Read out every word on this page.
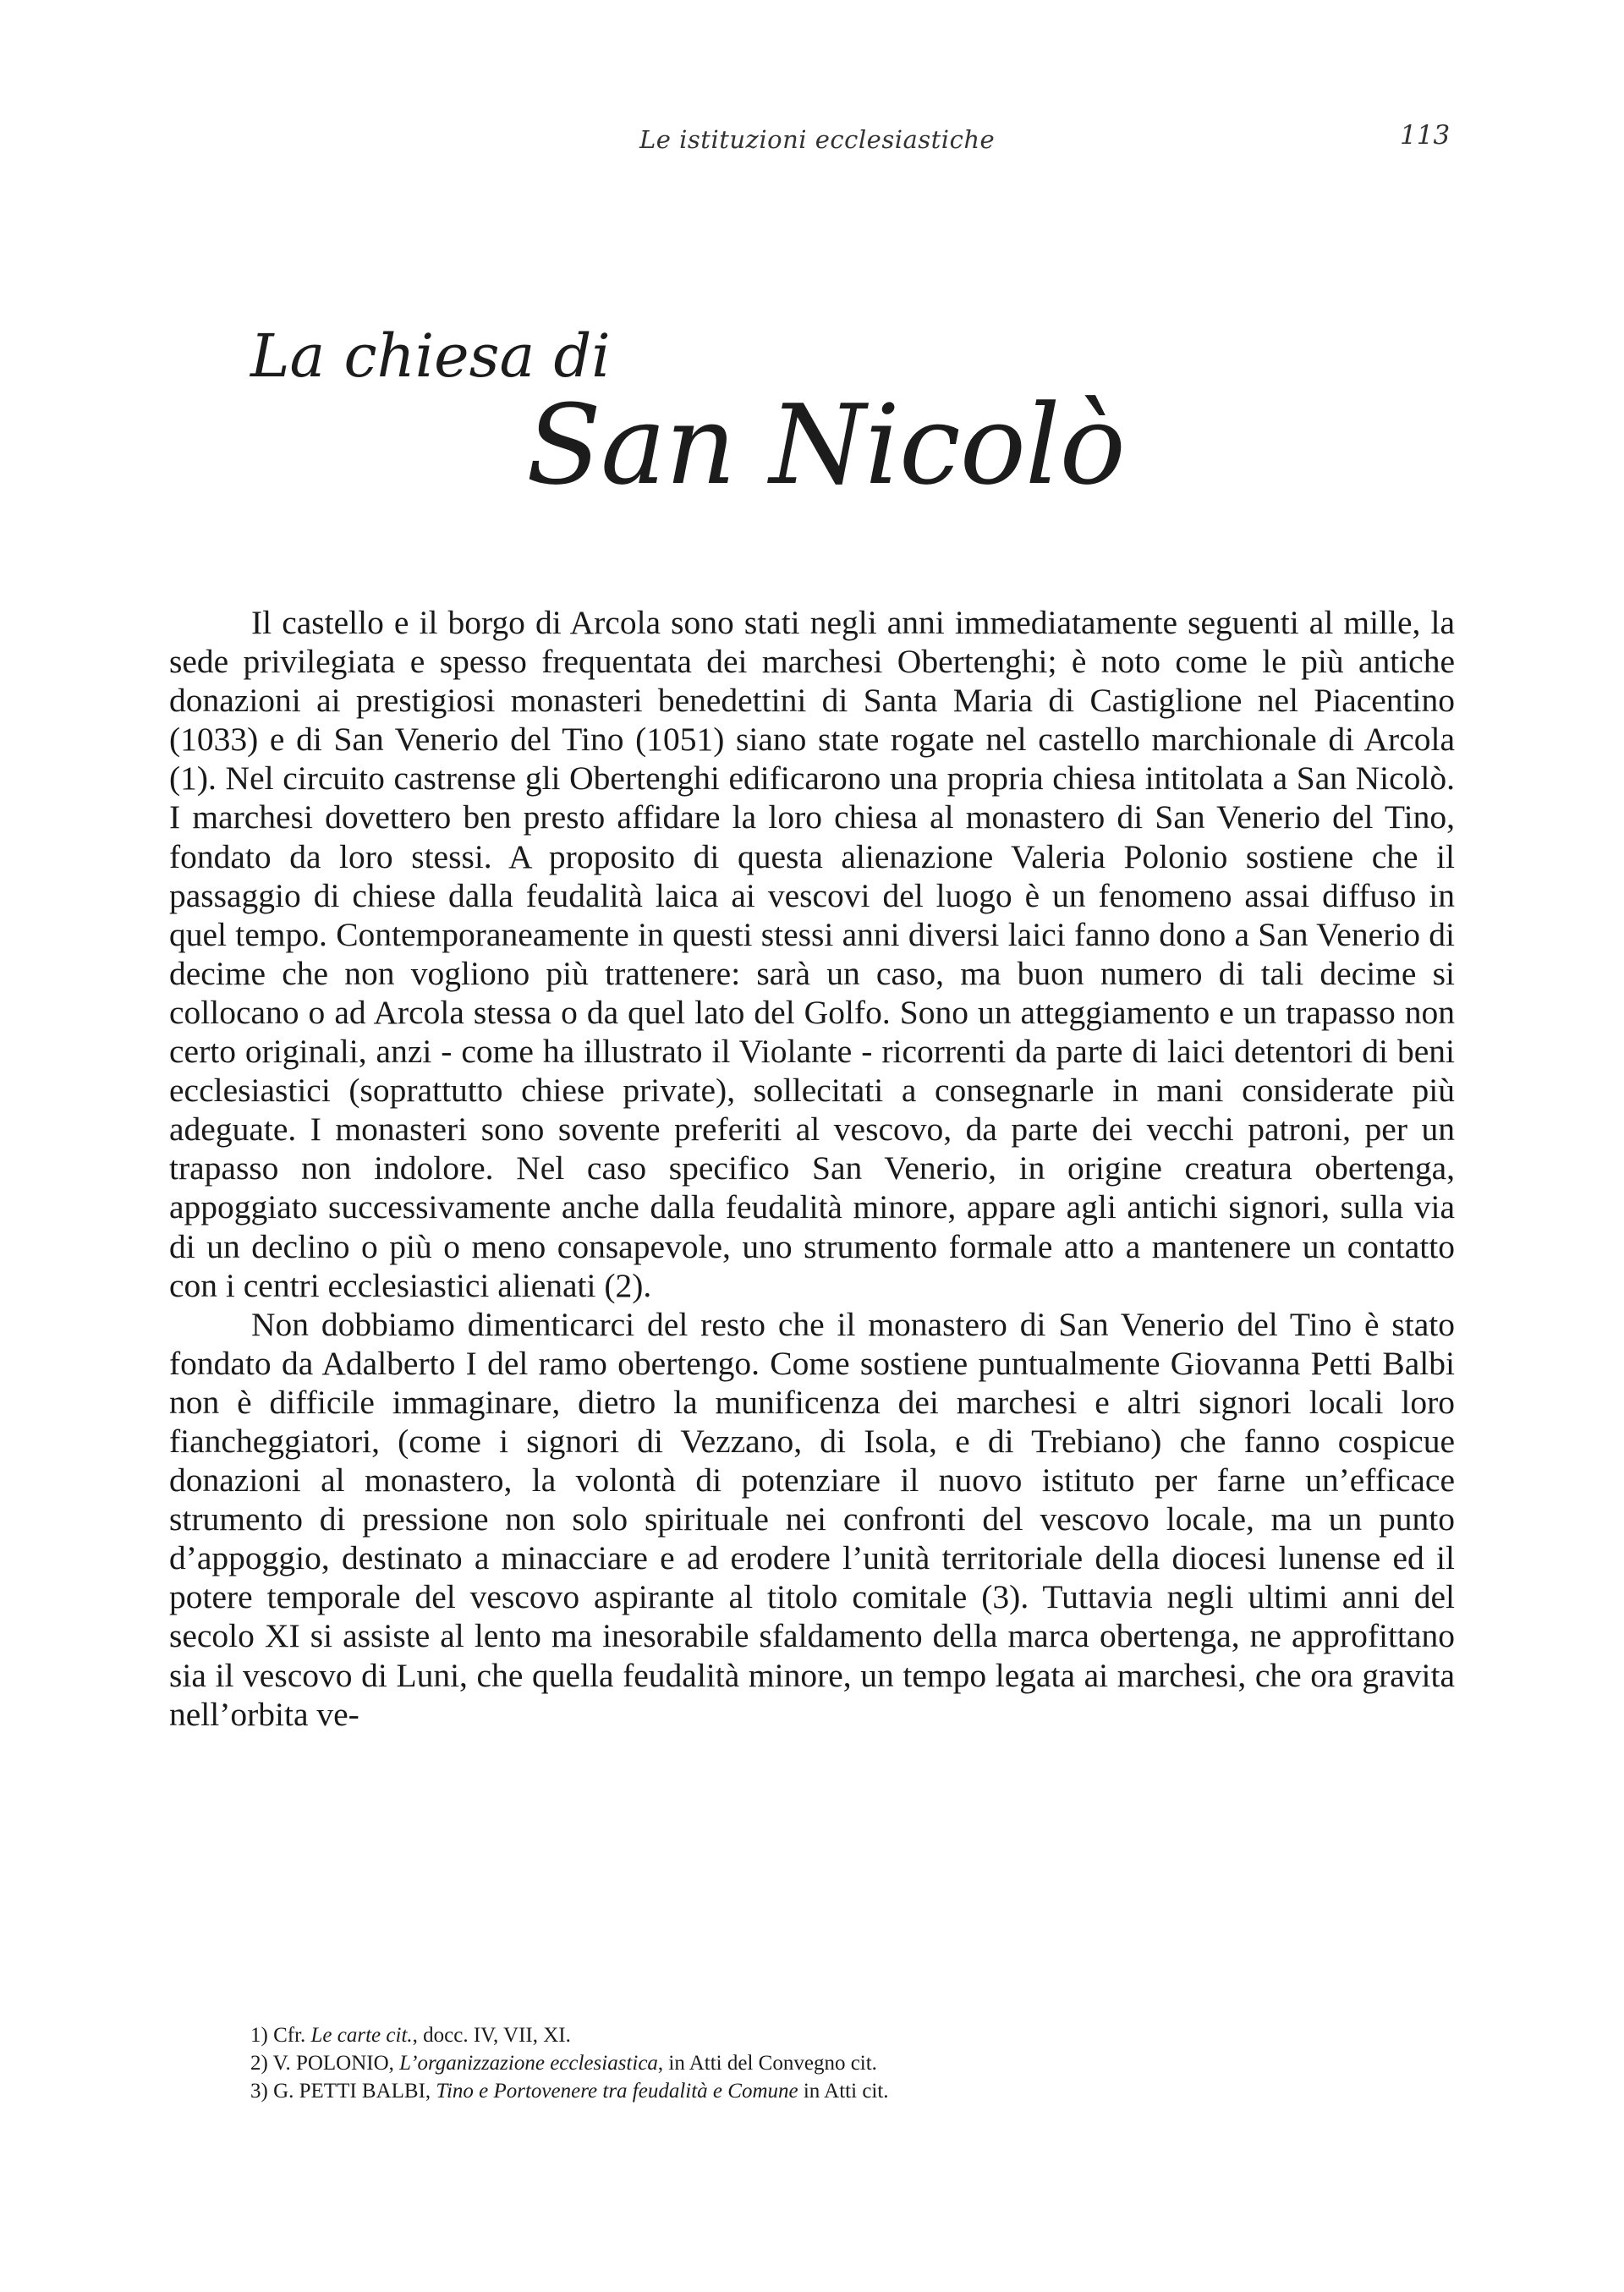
Le istituzioni ecclesiastiche	113
La chiesa di
San Nicolò

Il castello e il borgo di Arcola sono stati negli anni immediatamente seguenti al mille, la sede privilegiata e spesso frequentata dei marchesi Obertenghi; è noto come le più antiche donazioni ai prestigiosi monasteri benedettini di Santa Maria di Castiglione nel Piacentino (1033) e di San Venerio del Tino (1051) siano state rogate nel castello marchionale di Arcola (1). Nel circuito castrense gli Obertenghi edificarono una propria chiesa intitolata a San Nicolò. I marchesi dovettero ben presto affidare la loro chiesa al monastero di San Venerio del Tino, fondato da loro stessi. A proposito di questa alienazione Valeria Polonio sostiene che il passaggio di chiese dalla feudalità laica ai vescovi del luogo è un fenomeno assai diffuso in quel tempo. Contemporaneamente in questi stessi anni diversi laici fanno dono a San Venerio di decime che non vogliono più trattenere: sarà un caso, ma buon numero di tali decime si collocano o ad Arcola stessa o da quel lato del Golfo. Sono un atteggiamento e un trapasso non certo originali, anzi - come ha illustrato il Violante - ricorrenti da parte di laici detentori di beni ecclesiastici (soprattutto chiese private), sollecitati a consegnarle in mani considerate più adeguate. I monasteri sono sovente preferiti al vescovo, da parte dei vecchi patroni, per un trapasso non indolore. Nel caso specifico San Venerio, in origine creatura obertenga, appoggiato successivamente anche dalla feudalità minore, appare agli antichi signori, sulla via di un declino o più o meno consapevole, uno strumento formale atto a mantenere un contatto con i centri ecclesiastici alienati (2).

Non dobbiamo dimenticarci del resto che il monastero di San Venerio del Tino è stato fondato da Adalberto I del ramo obertengo. Come sostiene puntualmente Giovanna Petti Balbi non è difficile immaginare, dietro la munificenza dei marchesi e altri signori locali loro fiancheggiatori, (come i signori di Vezzano, di Isola, e di Trebiano) che fanno cospicue donazioni al monastero, la volontà di potenziare il nuovo istituto per farne un’efficace strumento di pressione non solo spirituale nei confronti del vescovo locale, ma un punto d’appoggio, destinato a minacciare e ad erodere l’unità territoriale della diocesi lunense ed il potere temporale del vescovo aspirante al titolo comitale (3). Tuttavia negli ultimi anni del secolo XI si assiste al lento ma inesorabile sfaldamento della marca obertenga, ne approfittano sia il vescovo di Luni, che quella feudalità minore, un tempo legata ai marchesi, che ora gravita nell’orbita ve-

1) Cfr. Le carte cit., docc. IV, VII, XI.
2) V. POLONIO, L’organizzazione ecclesiastica, in Atti del Convegno cit.
3) G. PETTI BALBI, Tino e Portovenere tra feudalità e Comune in Atti cit.
